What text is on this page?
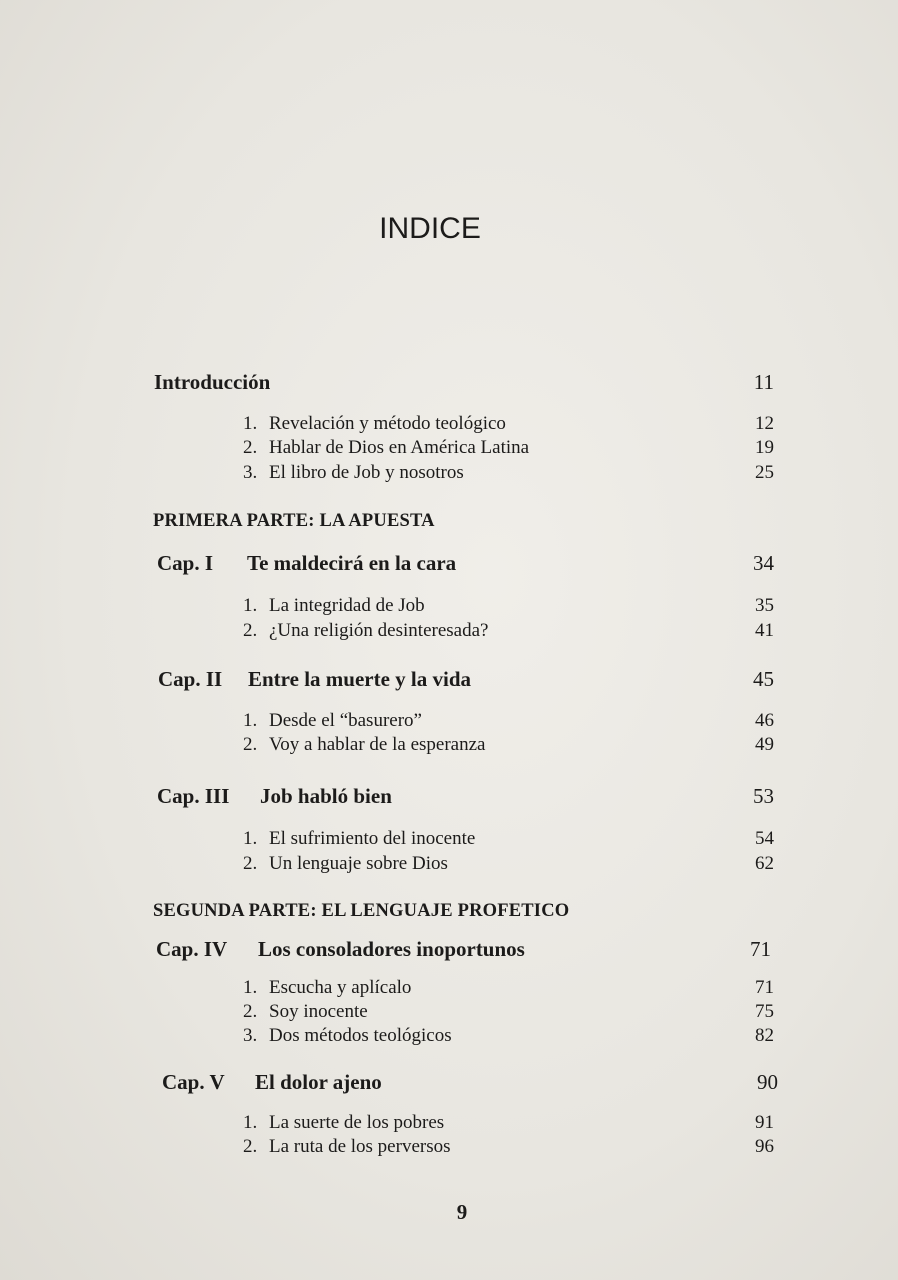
INDICE
Introducción	11
1. Revelación y método teológico	12
2. Hablar de Dios en América Latina	19
3. El libro de Job y nosotros	25
PRIMERA PARTE: LA APUESTA
Cap. I Te maldecirá en la cara	34
1. La integridad de Job	35
2. ¿Una religión desinteresada?	41
Cap. II Entre la muerte y la vida	45
1. Desde el “basurero”	46
2. Voy a hablar de la esperanza	49
Cap. III Job habló bien	53
1. El sufrimiento del inocente	54
2. Un lenguaje sobre Dios	62
SEGUNDA PARTE: EL LENGUAJE PROFETICO
Cap. IV Los consoladores inoportunos	71
1. Escucha y aplícalo	71
2. Soy inocente	75
3. Dos métodos teológicos	82
Cap. V El dolor ajeno	90
1. La suerte de los pobres	91
2. La ruta de los perversos	96
9
